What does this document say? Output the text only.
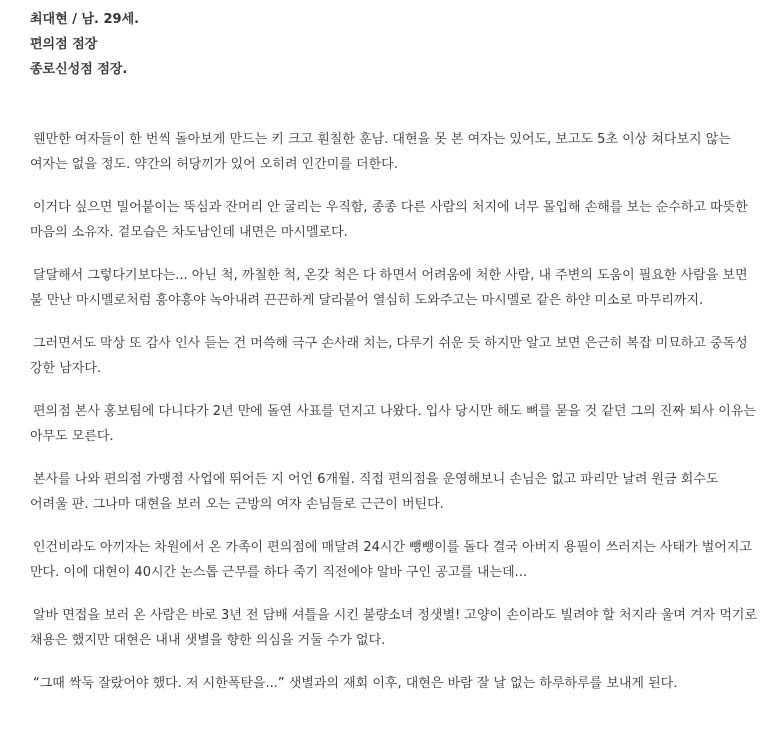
최대현 / 남. 29세.
편의점 점장
종로신성점 점장.

웬만한 여자들이 한 번씩 돌아보게 만드는 키 크고 훤칠한 훈남. 대현을 못 본 여자는 있어도, 보고도 5초 이상 쳐다보지 않는 여자는 없을 정도. 약간의 허당끼가 있어 오히려 인간미를 더한다.

이거다 싶으면 밀어붙이는 뚝심과 잔머리 안 굴리는 우직함, 종종 다른 사람의 처지에 너무 몰입해 손해를 보는 순수하고 따뜻한 마음의 소유자. 겉모습은 차도남인데 내면은 마시멜로다.

달달해서 그렇다기보다는... 아닌 척, 까칠한 척, 온갖 척은 다 하면서 어려움에 처한 사람, 내 주변의 도움이 필요한 사람을 보면 불 만난 마시멜로처럼 흥야흥야 녹아내려 끈끈하게 달라붙어 열심히 도와주고는 마시멜로 같은 하얀 미소로 마무리까지.

그러면서도 막상 또 감사 인사 듣는 건 머쓱해 극구 손사래 치는, 다루기 쉬운 듯 하지만 알고 보면 은근히 복잡 미묘하고 중독성 강한 남자다.

편의점 본사 홍보팀에 다니다가 2년 만에 돌연 사표를 던지고 나왔다. 입사 당시만 해도 뼈를 묻을 것 같던 그의 진짜 퇴사 이유는 아무도 모른다.

본사를 나와 편의점 가맹점 사업에 뛰어든 지 어언 6개월. 직접 편의점을 운영해보니 손님은 없고 파리만 날려 원금 회수도 어려울 판. 그나마 대현을 보러 오는 근방의 여자 손님들로 근근이 버틴다.

인건비라도 아끼자는 차원에서 온 가족이 편의점에 매달려 24시간 뺑뺑이를 돌다 결국 아버지 용필이 쓰러지는 사태가 벌어지고 만다. 이에 대현이 40시간 논스톱 근무를 하다 죽기 직전에야 알바 구인 공고를 내는데...

알바 면접을 보러 온 사람은 바로 3년 전 담배 셔틀을 시킨 불량소녀 정샛별! 고양이 손이라도 빌려야 할 처지라 울며 겨자 먹기로 채용은 했지만 대현은 내내 샛별을 향한 의심을 거둘 수가 없다.

“그때 싹둑 잘랐어야 했다. 저 시한폭탄을...” 샛별과의 재회 이후, 대현은 바람 잘 날 없는 하루하루를 보내게 된다.
